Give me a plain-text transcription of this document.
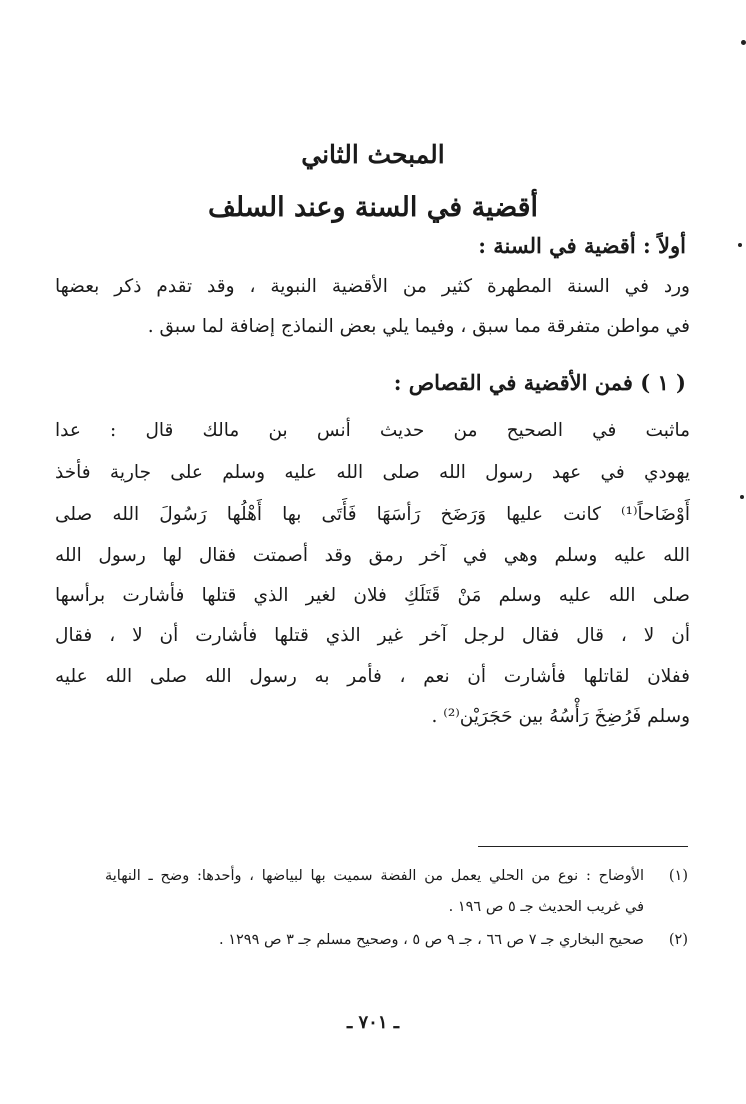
المبحث الثاني
أقضية في السنة وعند السلف
أولاً : أقضية في السنة :
ورد في السنة المطهرة كثير من الأقضية النبوية ، وقد تقدم ذكر بعضها
في مواطن متفرقة مما سبق ، وفيما يلي بعض النماذج إضافة لما سبق .
( ١ ) فمن الأقضية في القصاص :
ماثبت في الصحيح من حديث أنس بن مالك قال : عدا
يهودي في عهد رسول الله صلى الله عليه وسلم على جارية فأخذ
أَوْضَاحاً⁽¹⁾ كانت عليها وَرَضَخ رَأسَهَا فَأَتَى بها أَهْلُها رَسُولَ الله صلى
الله عليه وسلم وهي في آخر رمق وقد أصمتت فقال لها رسول الله
صلى الله عليه وسلم مَنْ قَتَلَكِ فلان لغير الذي قتلها فأشارت برأسها
أن لا ، قال فقال لرجل آخر غير الذي قتلها فأشارت أن لا ، فقال
ففلان لقاتلها فأشارت أن نعم ، فأمر به رسول الله صلى الله عليه
وسلم فَرُضِخَ رَأْسُهُ بين حَجَرَيْن⁽²⁾ .
(١)
الأوضاح : نوع من الحلي يعمل من الفضة سميت بها لبياضها ، وأحدها: وضح ـ النهاية
في غريب الحديث جـ ٥ ص ١٩٦ .
(٢)
صحيح البخاري جـ ٧ ص ٦٦ ، جـ ٩ ص ٥ ، وصحيح مسلم جـ ٣ ص ١٢٩٩ .
ـ ٧٠١ ـ
